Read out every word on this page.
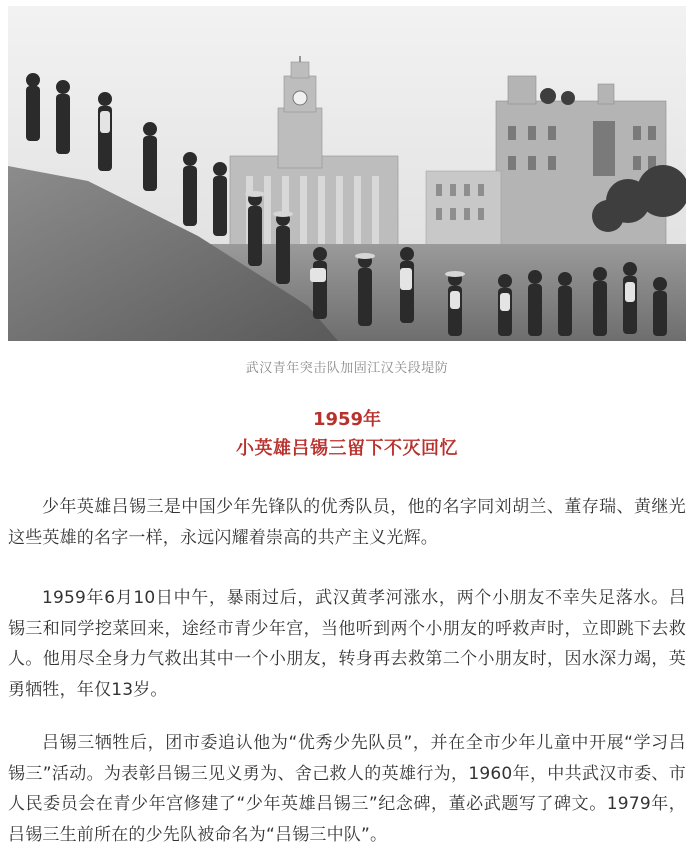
武汉青年突击队加固江汉关段堤防
1959年
小英雄吕锡三留下不灭回忆

少年英雄吕锡三是中国少年先锋队的优秀队员，他的名字同刘胡兰、董存瑞、黄继光这些英雄的名字一样，永远闪耀着崇高的共产主义光辉。

1959年6月10日中午，暴雨过后，武汉黄孝河涨水，两个小朋友不幸失足落水。吕锡三和同学挖菜回来，途经市青少年宫，当他听到两个小朋友的呼救声时，立即跳下去救人。他用尽全身力气救出其中一个小朋友，转身再去救第二个小朋友时，因水深力竭，英勇牺牲，年仅13岁。

吕锡三牺牲后，团市委追认他为“优秀少先队员”，并在全市少年儿童中开展“学习吕锡三”活动。为表彰吕锡三见义勇为、舍己救人的英雄行为，1960年，中共武汉市委、市人民委员会在青少年宫修建了“少年英雄吕锡三”纪念碑，董必武题写了碑文。1979年，吕锡三生前所在的少先队被命名为“吕锡三中队”。
